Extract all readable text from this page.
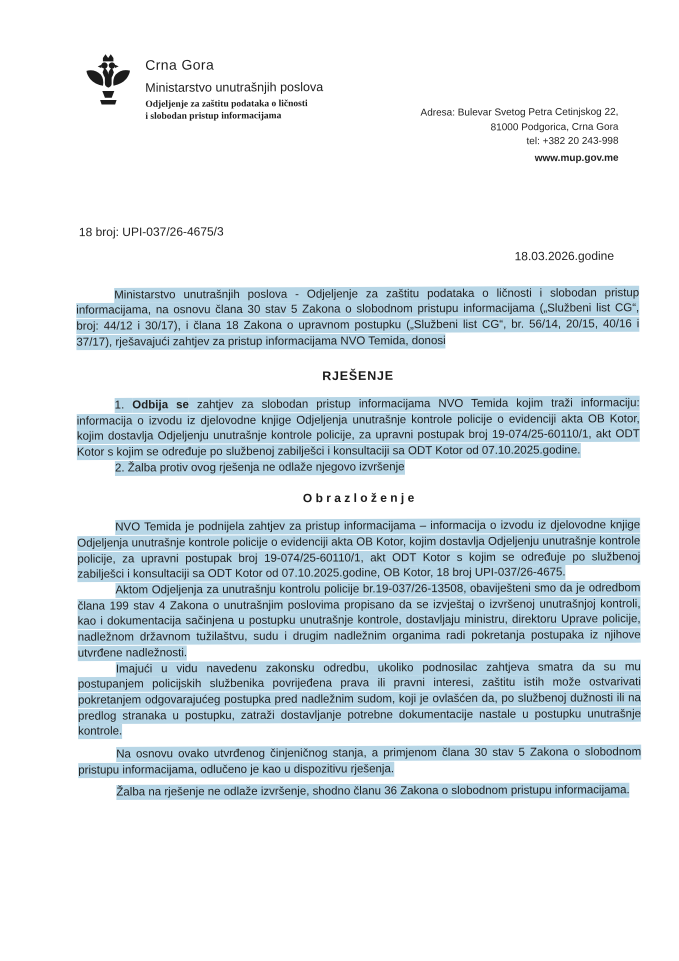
Crna Gora
Ministarstvo unutrašnjih poslova
Odjeljenje za zaštitu podataka o ličnosti
i slobodan pristup informacijama	Adresa: Bulevar Svetog Petra Cetinjskog 22,
81000 Podgorica, Crna Gora
tel: +382 20 243-998
www.mup.gov.me
18 broj: UPI-037/26-4675/3
18.03.2026.godine

Ministarstvo unutrašnjih poslova - Odjeljenje za zaštitu podataka o ličnosti i slobodan pristup informacijama, na osnovu člana 30 stav 5 Zakona o slobodnom pristupu informacijama („Službeni list CG“, broj: 44/12 i 30/17), i člana 18 Zakona o upravnom postupku („Službeni list CG“, br. 56/14, 20/15, 40/16 i 37/17), rješavajući zahtjev za pristup informacijama NVO Temida, donosi

RJEŠENJE

1. Odbija se zahtjev za slobodan pristup informacijama NVO Temida kojim traži informaciju: informacija o izvodu iz djelovodne knjige Odjeljenja unutrašnje kontrole policije o evidenciji akta OB Kotor, kojim dostavlja Odjeljenju unutrašnje kontrole policije, za upravni postupak broj 19-074/25-60110/1, akt ODT Kotor s kojim se određuje po službenoj zabilješci i konsultaciji sa ODT Kotor od 07.10.2025.godine.

2. Žalba protiv ovog rješenja ne odlaže njegovo izvršenje

O b r a z l o ž e n j e

NVO Temida je podnijela zahtjev za pristup informacijama – informacija o izvodu iz djelovodne knjige Odjeljenja unutrašnje kontrole policije o evidenciji akta OB Kotor, kojim dostavlja Odjeljenju unutrašnje kontrole policije, za upravni postupak broj 19-074/25-60110/1, akt ODT Kotor s kojim se određuje po službenoj zabilješci i konsultaciji sa ODT Kotor od 07.10.2025.godine, OB Kotor, 18 broj UPI-037/26-4675.

Aktom Odjeljenja za unutrašnju kontrolu policije br.19-037/26-13508, obaviješteni smo da je odredbom člana 199 stav 4 Zakona o unutrašnjim poslovima propisano da se izvještaj o izvršenoj unutrašnjoj kontroli, kao i dokumentacija sačinjena u postupku unutrašnje kontrole, dostavljaju ministru, direktoru Uprave policije, nadležnom državnom tužilaštvu, sudu i drugim nadležnim organima radi pokretanja postupaka iz njihove utvrđene nadležnosti.

Imajući u vidu navedenu zakonsku odredbu, ukoliko podnosilac zahtjeva smatra da su mu postupanjem policijskih službenika povrijeđena prava ili pravni interesi, zaštitu istih može ostvarivati pokretanjem odgovarajućeg postupka pred nadležnim sudom, koji je ovlašćen da, po službenoj dužnosti ili na predlog stranaka u postupku, zatraži dostavljanje potrebne dokumentacije nastale u postupku unutrašnje kontrole.

Na osnovu ovako utvrđenog činjeničnog stanja, a primjenom člana 30 stav 5 Zakona o slobodnom pristupu informacijama, odlučeno je kao u dispozitivu rješenja.

Žalba na rješenje ne odlaže izvršenje, shodno članu 36 Zakona o slobodnom pristupu informacijama.
